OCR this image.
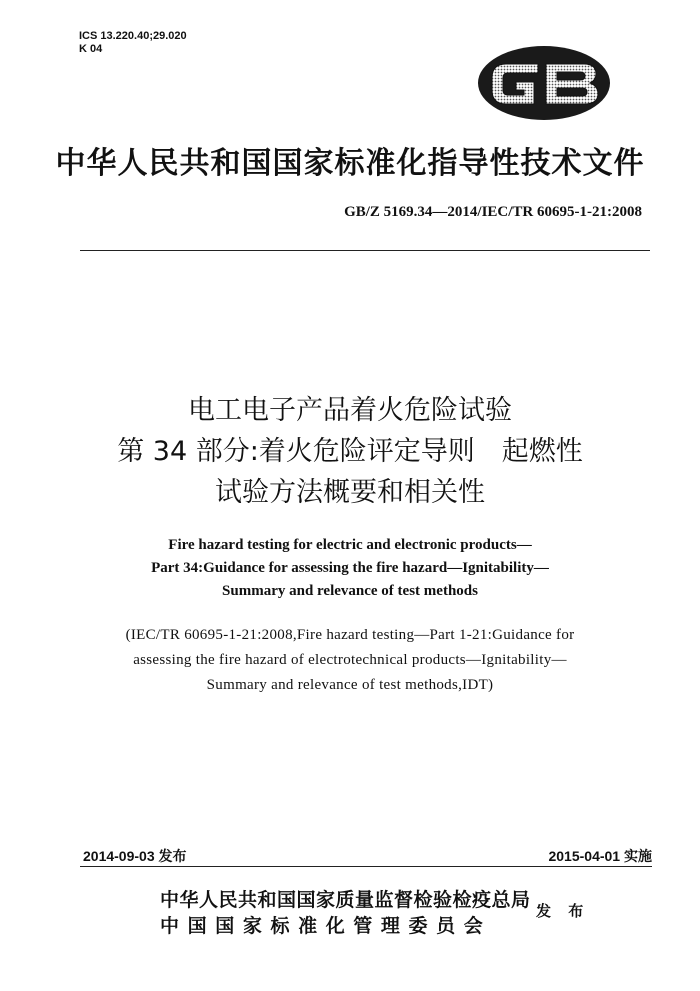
ICS 13.220.40;29.020
K 04
中华人民共和国国家标准化指导性技术文件
GB/Z 5169.34—2014/IEC/TR 60695-1-21:2008
电工电子产品着火危险试验
第 34 部分:着火危险评定导则　起燃性
试验方法概要和相关性
Fire hazard testing for electric and electronic products—
Part 34:Guidance for assessing the fire hazard—Ignitability—
Summary and relevance of test methods
(IEC/TR 60695-1-21:2008,Fire hazard testing—Part 1-21:Guidance for
assessing the fire hazard of electrotechnical products—Ignitability—
Summary and relevance of test methods,IDT)
2014-09-03 发布	2015-04-01 实施
中华人民共和国国家质量监督检验检疫总局
中 国 国 家 标 准 化 管 理 委 员 会
发 布
